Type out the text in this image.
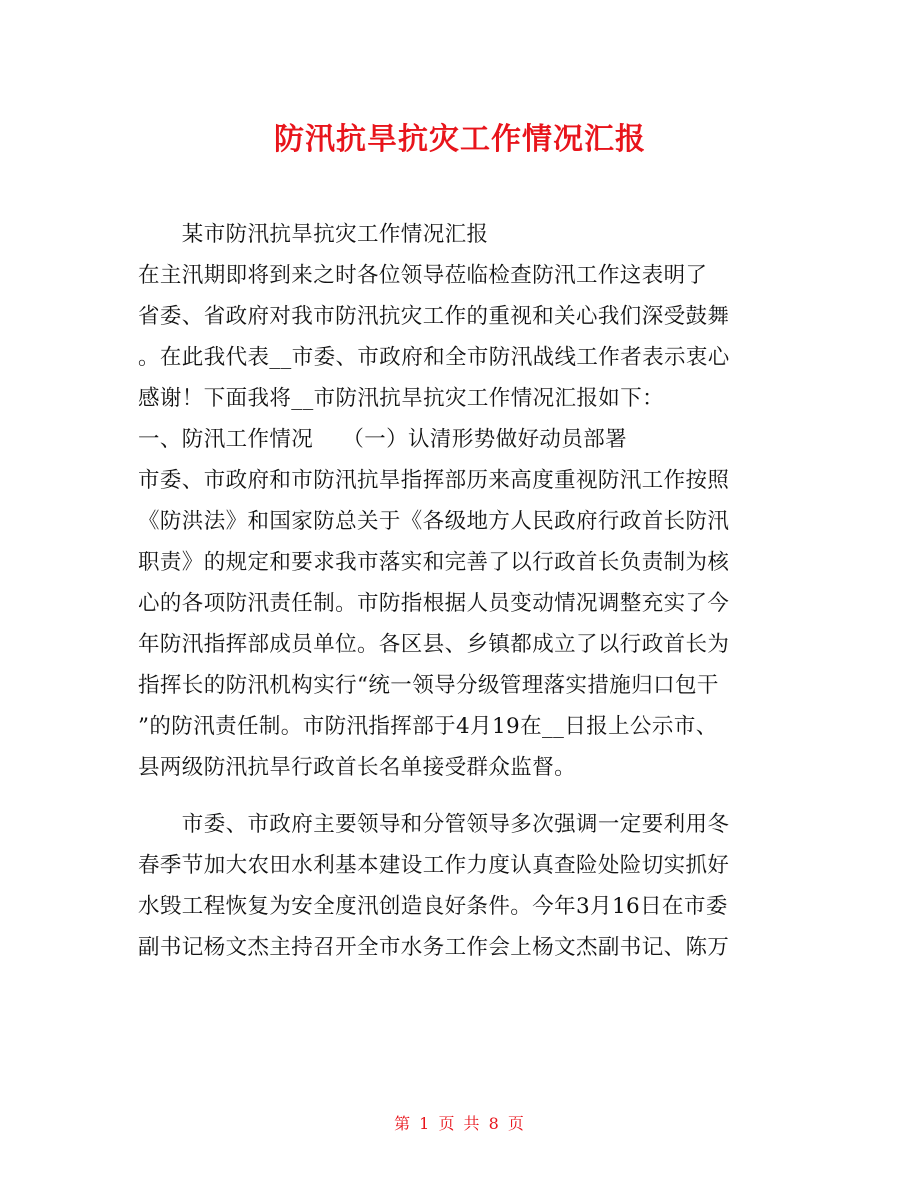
防汛抗旱抗灾工作情况汇报
　　某市防汛抗旱抗灾工作情况汇报
在主汛期即将到来之时各位领导莅临检查防汛工作这表明了
省委、省政府对我市防汛抗灾工作的重视和关心我们深受鼓舞
。在此我代表__市委、市政府和全市防汛战线工作者表示衷心
感谢！下面我将__市防汛抗旱抗灾工作情况汇报如下：
一、防汛工作情况　 （一）认清形势做好动员部署
市委、市政府和市防汛抗旱指挥部历来高度重视防汛工作按照
《防洪法》和国家防总关于《各级地方人民政府行政首长防汛
职责》的规定和要求我市落实和完善了以行政首长负责制为核
心的各项防汛责任制。市防指根据人员变动情况调整充实了今
年防汛指挥部成员单位。各区县、乡镇都成立了以行政首长为
指挥长的防汛机构实行“统一领导分级管理落实措施归口包干
”的防汛责任制。市防汛指挥部于4月19在__日报上公示市、
县两级防汛抗旱行政首长名单接受群众监督。
　　市委、市政府主要领导和分管领导多次强调一定要利用冬
春季节加大农田水利基本建设工作力度认真查险处险切实抓好
水毁工程恢复为安全度汛创造良好条件。今年3月16日在市委
副书记杨文杰主持召开全市水务工作会上杨文杰副书记、陈万
第 1 页 共 8 页
